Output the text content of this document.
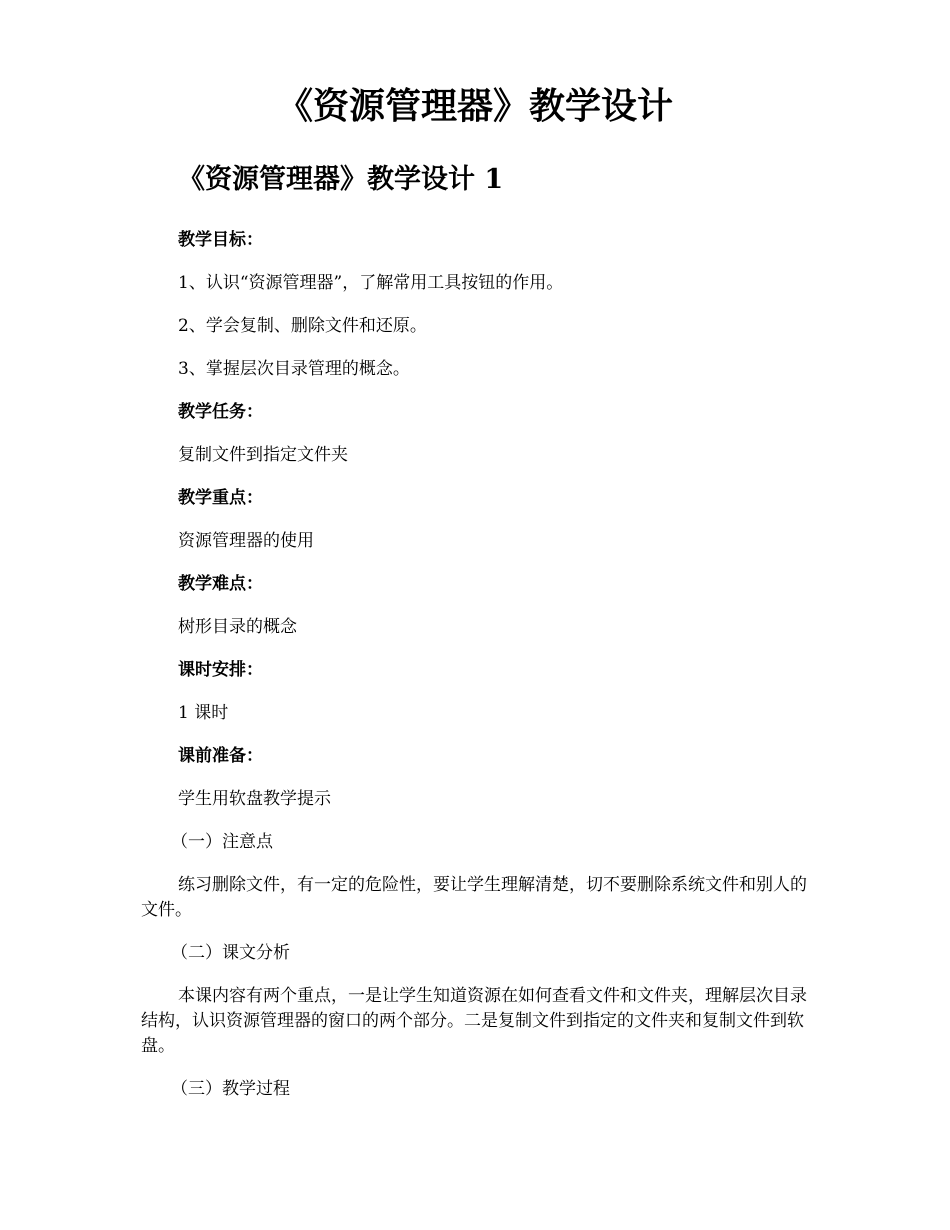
《资源管理器》教学设计
《资源管理器》教学设计 1

教学目标：

1、认识“资源管理器”，了解常用工具按钮的作用。

2、学会复制、删除文件和还原。

3、掌握层次目录管理的概念。

教学任务：

复制文件到指定文件夹

教学重点：

资源管理器的使用

教学难点：

树形目录的概念

课时安排：

1 课时

课前准备：

学生用软盘教学提示

（一）注意点

练习删除文件，有一定的危险性，要让学生理解清楚，切不要删除系统文件和别人的文件。

（二）课文分析

本课内容有两个重点，一是让学生知道资源在如何查看文件和文件夹，理解层次目录结构，认识资源管理器的窗口的两个部分。二是复制文件到指定的文件夹和复制文件到软盘。

（三）教学过程
